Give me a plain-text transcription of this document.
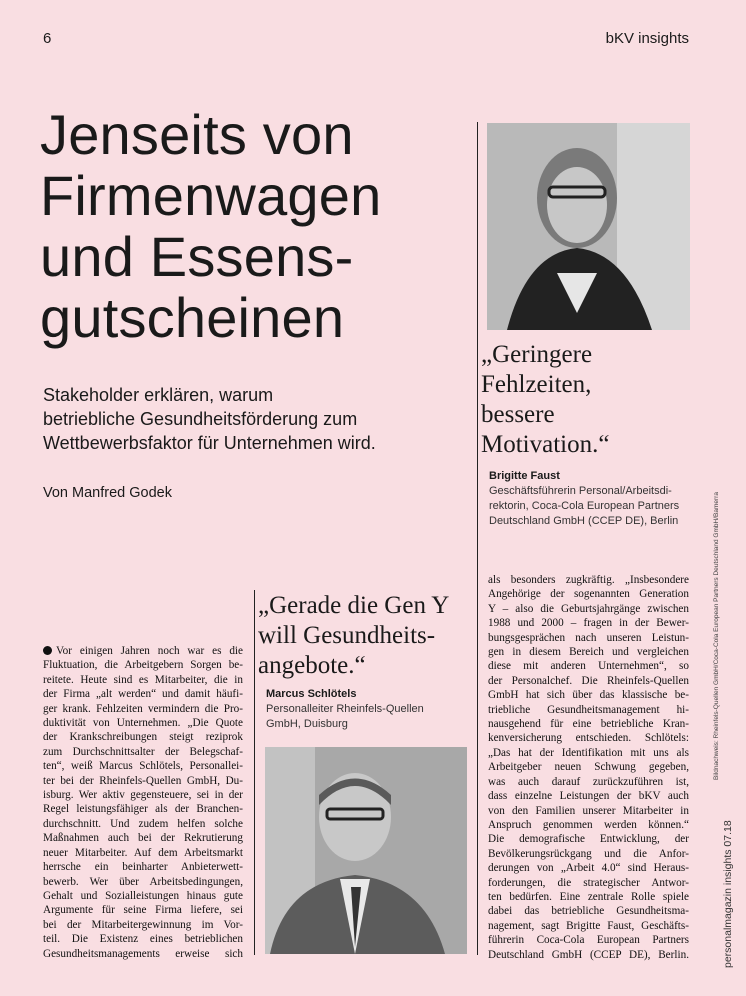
6	bKV insights
Jenseits von
Firmenwagen
und Essens-
gutscheinen
Stakeholder erklären, warum
betriebliche Gesundheitsförderung zum
Wettbewerbsfaktor für Unternehmen wird.
Von Manfred Godek
„Geringere
Fehlzeiten,
bessere
Motivation.“
Brigitte Faust
Geschäftsführerin Personal/Arbeitsdi-
rektorin, Coca-Cola European Partners
Deutschland GmbH (CCEP DE), Berlin
„Gerade die Gen Y
will Gesundheits-
angebote.“
Marcus Schlötels
Personalleiter Rheinfels-Quellen
GmbH, Duisburg
Vor einigen Jahren noch war es die
Fluktuation, die Arbeitgebern Sorgen be-
reitete. Heute sind es Mitarbeiter, die in
der Firma „alt werden“ und damit häufi-
ger krank. Fehlzeiten vermindern die Pro-
duktivität von Unternehmen. „Die Quote
der Krankschreibungen steigt reziprok
zum Durchschnittsalter der Belegschaf-
ten“, weiß Marcus Schlötels, Personallei-
ter bei der Rheinfels-Quellen GmbH, Du-
isburg. Wer aktiv gegensteuere, sei in der
Regel leistungsfähiger als der Branchen-
durchschnitt. Und zudem helfen solche
Maßnahmen auch bei der Rekrutierung
neuer Mitarbeiter. Auf dem Arbeitsmarkt
herrsche ein beinharter Anbieterwett-
bewerb. Wer über Arbeitsbedingungen,
Gehalt und Sozialleistungen hinaus gute
Argumente für seine Firma liefere, sei
bei der Mitarbeitergewinnung im Vor-
teil. Die Existenz eines betrieblichen
Gesundheitsmanagements erweise sich
als besonders zugkräftig. „Insbesondere
Angehörige der sogenannten Generation
Y – also die Geburtsjahrgänge zwischen
1988 und 2000 – fragen in der Bewer-
bungsgesprächen nach unseren Leistun-
gen in diesem Bereich und vergleichen
diese mit anderen Unternehmen“, so
der Personalchef. Die Rheinfels-Quellen
GmbH hat sich über das klassische be-
triebliche Gesundheitsmanagement hi-
nausgehend für eine betriebliche Kran-
kenversicherung entschieden. Schlötels:
„Das hat der Identifikation mit uns als
Arbeitgeber neuen Schwung gegeben,
was auch darauf zurückzuführen ist,
dass einzelne Leistungen der bKV auch
von den Familien unserer Mitarbeiter in
Anspruch genommen werden können.“
Die demografische Entwicklung, der
Bevölkerungsrückgang und die Anfor-
derungen von „Arbeit 4.0“ sind Heraus-
forderungen, die strategischer Antwor-
ten bedürfen. Eine zentrale Rolle spiele
dabei das betriebliche Gesundheitsma-
nagement, sagt Brigitte Faust, Geschäfts-
führerin Coca-Cola European Partners
Deutschland GmbH (CCEP DE), Berlin.
Bildnachweis: Rheinfels-Quellen GmbH/Coca-Cola European Partners Deutschland GmbH/Bamerra
personalmagazin insights 07.18
